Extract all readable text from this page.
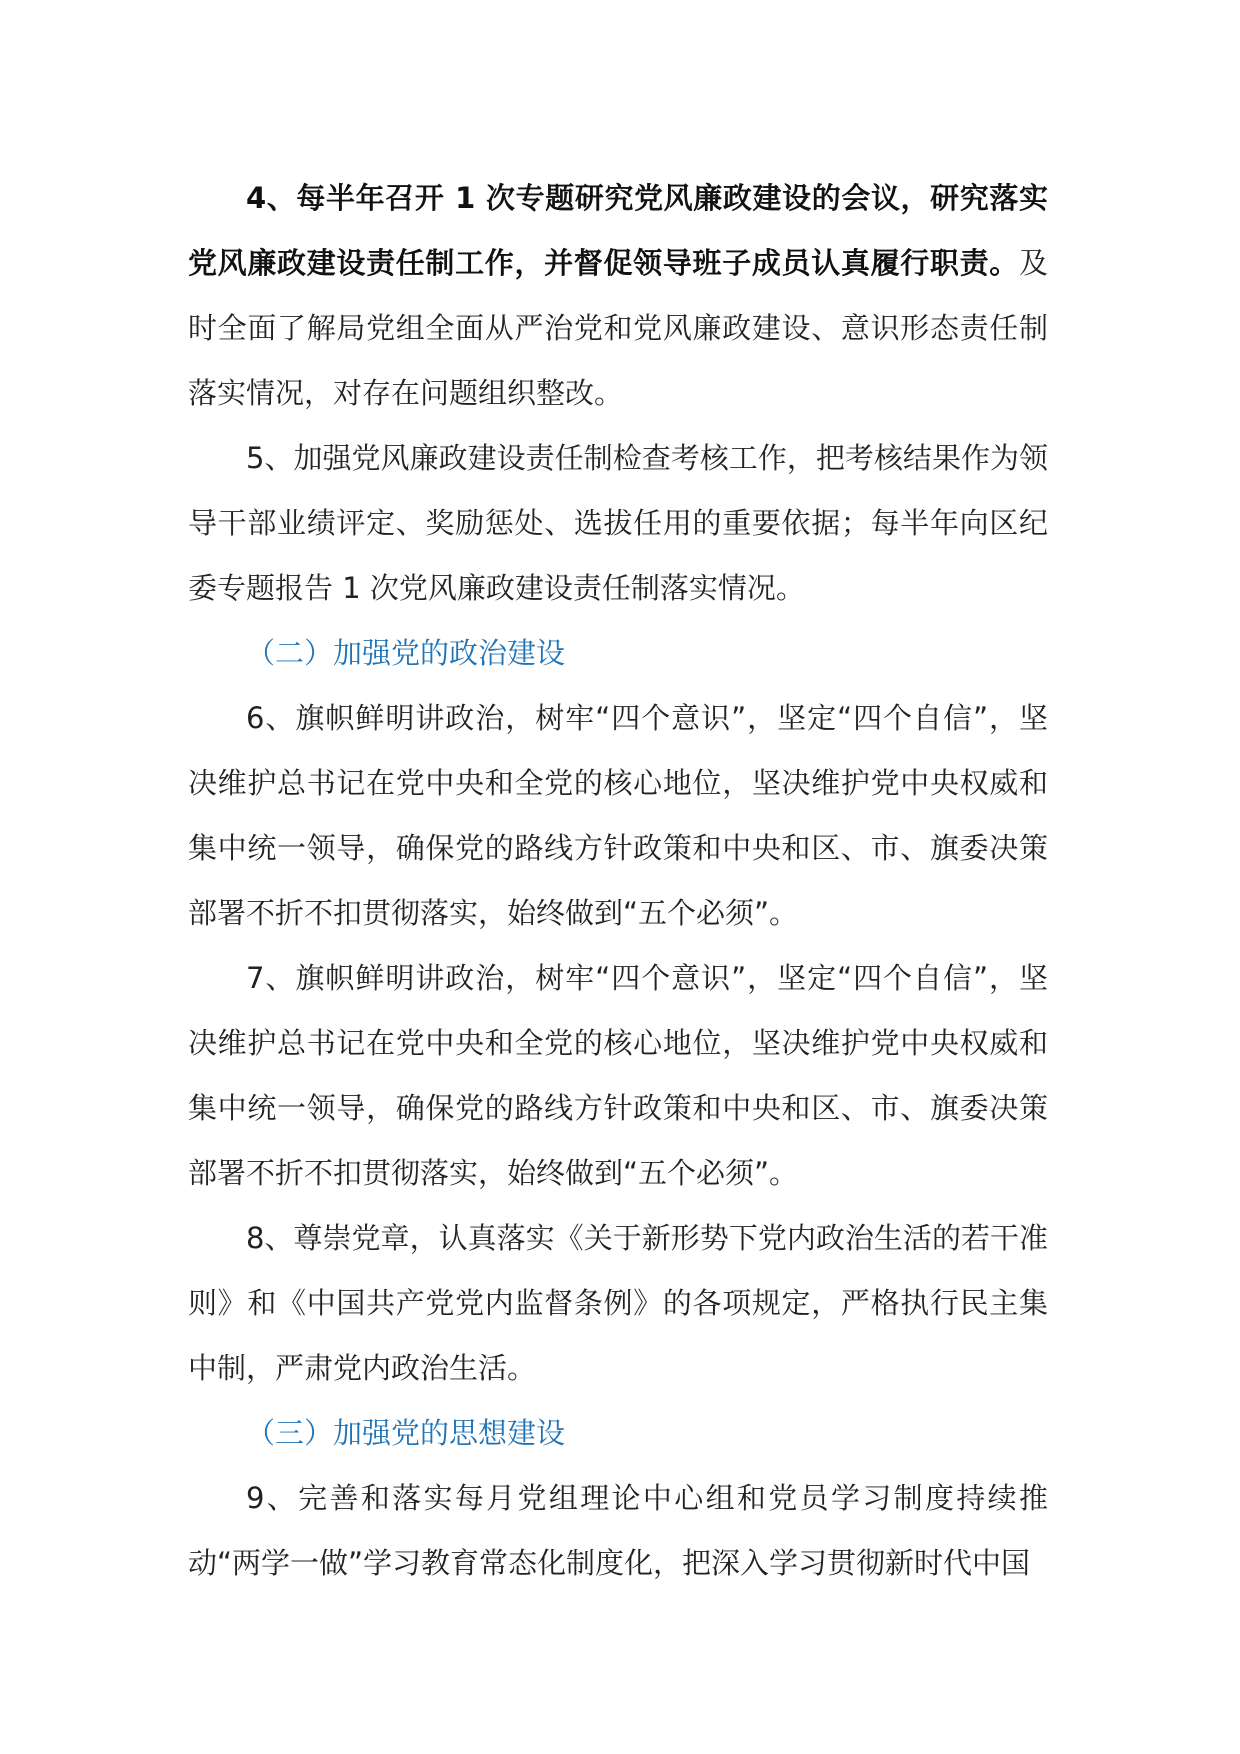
4、每半年召开 1 次专题研究党风廉政建设的会议，研究落实党风廉政建设责任制工作，并督促领导班子成员认真履行职责。及时全面了解局党组全面从严治党和党风廉政建设、意识形态责任制落实情况，对存在问题组织整改。

5、加强党风廉政建设责任制检查考核工作，把考核结果作为领导干部业绩评定、奖励惩处、选拔任用的重要依据；每半年向区纪委专题报告 1 次党风廉政建设责任制落实情况。

（二）加强党的政治建设

6、旗帜鲜明讲政治，树牢“四个意识”，坚定“四个自信”，坚决维护总书记在党中央和全党的核心地位，坚决维护党中央权威和集中统一领导，确保党的路线方针政策和中央和区、市、旗委决策部署不折不扣贯彻落实，始终做到“五个必须”。

7、旗帜鲜明讲政治，树牢“四个意识”，坚定“四个自信”，坚决维护总书记在党中央和全党的核心地位，坚决维护党中央权威和集中统一领导，确保党的路线方针政策和中央和区、市、旗委决策部署不折不扣贯彻落实，始终做到“五个必须”。

8、尊崇党章，认真落实《关于新形势下党内政治生活的若干准则》和《中国共产党党内监督条例》的各项规定，严格执行民主集中制，严肃党内政治生活。

（三）加强党的思想建设

9、完善和落实每月党组理论中心组和党员学习制度持续推动“两学一做”学习教育常态化制度化，把深入学习贯彻新时代中国
